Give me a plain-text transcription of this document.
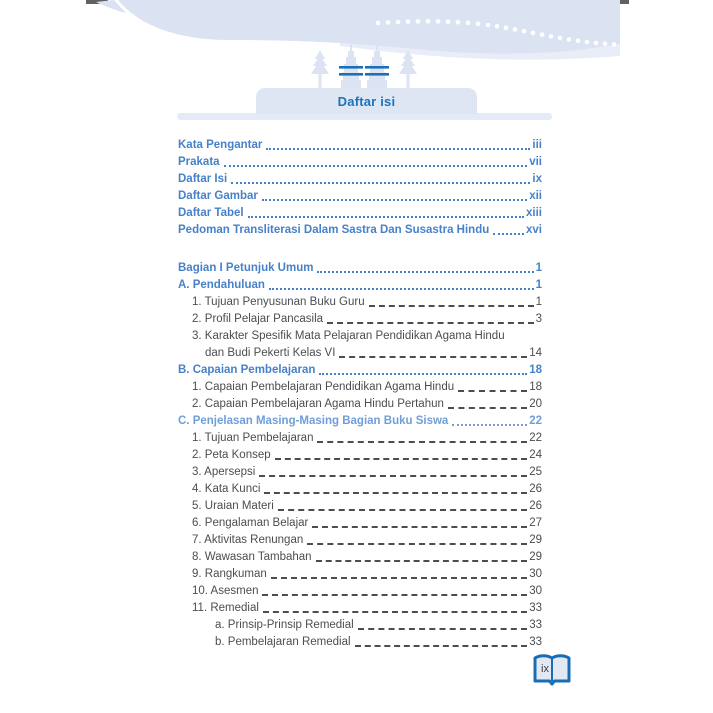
Daftar isi
Kata Pengantar	iii
Prakata	vii
Daftar Isi	ix
Daftar Gambar	xii
Daftar Tabel	xiii
Pedoman Transliterasi Dalam Sastra Dan Susastra Hindu	xvi
Bagian I Petunjuk Umum	1
A. Pendahuluan	1
1. Tujuan Penyusunan Buku Guru	1
2. Profil Pelajar Pancasila	3
3. Karakter Spesifik Mata Pelajaran Pendidikan Agama Hindu
dan Budi Pekerti Kelas VI	14
B. Capaian Pembelajaran	18
1. Capaian Pembelajaran Pendidikan Agama Hindu	18
2. Capaian Pembelajaran Agama Hindu Pertahun	20
C. Penjelasan Masing-Masing Bagian Buku Siswa	22
1. Tujuan Pembelajaran	22
2. Peta Konsep	24
3. Apersepsi	25
4. Kata Kunci	26
5. Uraian Materi	26
6. Pengalaman Belajar	27
7. Aktivitas Renungan	29
8. Wawasan Tambahan	29
9. Rangkuman	30
10. Asesmen	30
11. Remedial	33
a. Prinsip-Prinsip Remedial	33
b. Pembelajaran Remedial	33
ix
